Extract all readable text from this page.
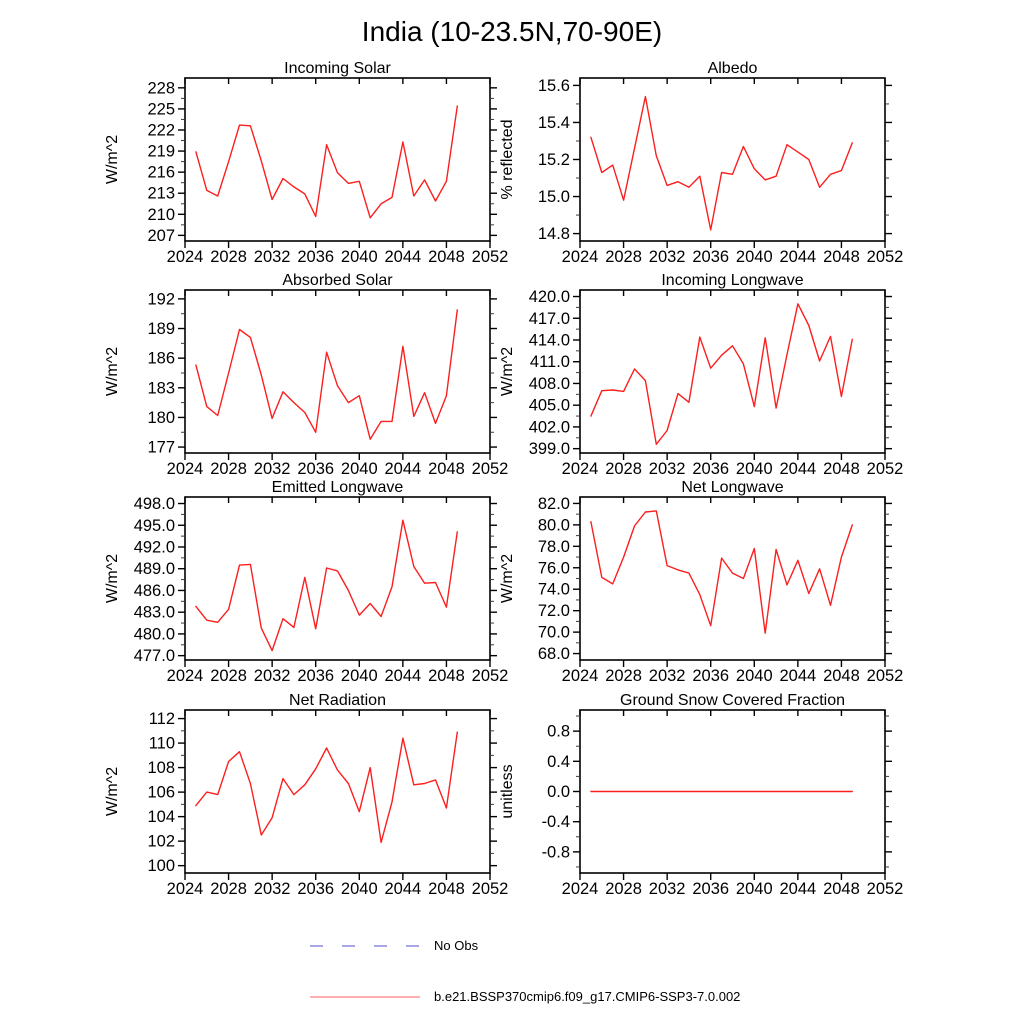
India (10-23.5N,70-90E)
Incoming Solar
W/m^2
2024 2028 2032 2036 2040 2044 2048 2052
207
210
213
216
219
222
225
228
Albedo
% reflected
2024 2028 2032 2036 2040 2044 2048 2052
14.8
15.0
15.2
15.4
15.6
Absorbed Solar
W/m^2
2024 2028 2032 2036 2040 2044 2048 2052
177
180
183
186
189
192
Incoming Longwave
W/m^2
2024 2028 2032 2036 2040 2044 2048 2052
399.0
402.0
405.0
408.0
411.0
414.0
417.0
420.0
Emitted Longwave
W/m^2
2024 2028 2032 2036 2040 2044 2048 2052
477.0
480.0
483.0
486.0
489.0
492.0
495.0
498.0
Net Longwave
W/m^2
2024 2028 2032 2036 2040 2044 2048 2052
68.0
70.0
72.0
74.0
76.0
78.0
80.0
82.0
Net Radiation
W/m^2
2024 2028 2032 2036 2040 2044 2048 2052
100
102
104
106
108
110
112
Ground Snow Covered Fraction
unitless
2024 2028 2032 2036 2040 2044 2048 2052
-0.8
-0.4
0.0
0.4
0.8
No Obs
b.e21.BSSP370cmip6.f09_g17.CMIP6-SSP3-7.0.002
